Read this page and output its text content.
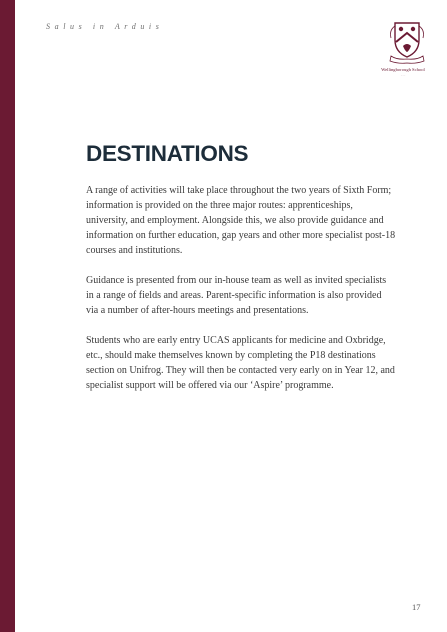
Salus in Arduis
Wellingborough School
· · ·
DESTINATIONS

A range of activities will take place throughout the two years of Sixth Form; information is provided on the three major routes: apprenticeships, university, and employment. Alongside this, we also provide guidance and information on further education, gap years and other more specialist post-18 courses and institutions.

Guidance is presented from our in-house team as well as invited specialists in a range of fields and areas. Parent-specific information is also provided via a number of after-hours meetings and presentations.

Students who are early entry UCAS applicants for medicine and Oxbridge, etc., should make themselves known by completing the P18 destinations section on Unifrog. They will then be contacted very early on in Year 12, and specialist support will be offered via our ‘Aspire’ programme.

17
